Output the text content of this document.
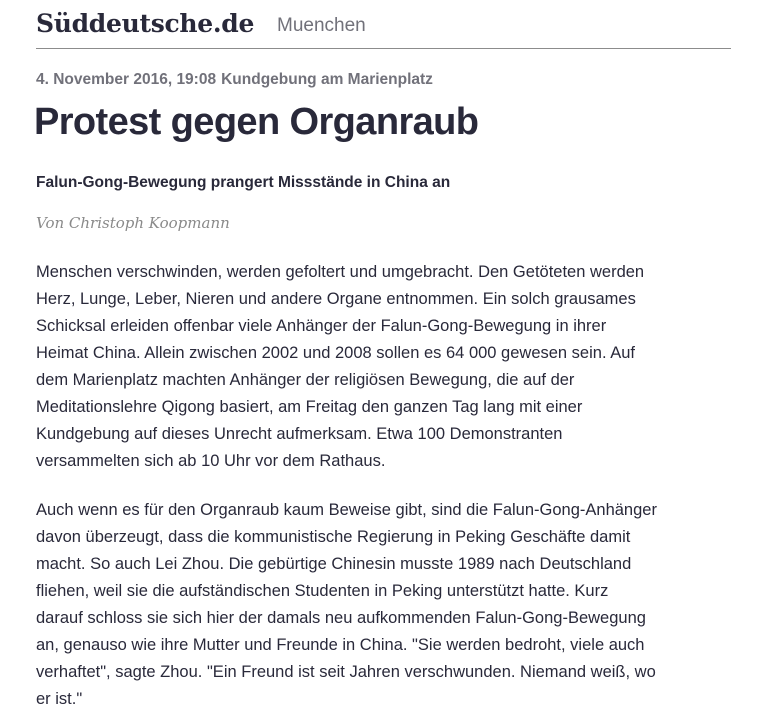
Süddeutsche.de Muenchen
4. November 2016, 19:08 Kundgebung am Marienplatz
Protest gegen Organraub

Falun-Gong-Bewegung prangert Missstände in China an

Von Christoph Koopmann

Menschen verschwinden, werden gefoltert und umgebracht. Den Getöteten werden
Herz, Lunge, Leber, Nieren und andere Organe entnommen. Ein solch grausames
Schicksal erleiden offenbar viele Anhänger der Falun-Gong-Bewegung in ihrer
Heimat China. Allein zwischen 2002 und 2008 sollen es 64 000 gewesen sein. Auf
dem Marienplatz machten Anhänger der religiösen Bewegung, die auf der
Meditationslehre Qigong basiert, am Freitag den ganzen Tag lang mit einer
Kundgebung auf dieses Unrecht aufmerksam. Etwa 100 Demonstranten
versammelten sich ab 10 Uhr vor dem Rathaus.

Auch wenn es für den Organraub kaum Beweise gibt, sind die Falun-Gong-Anhänger
davon überzeugt, dass die kommunistische Regierung in Peking Geschäfte damit
macht. So auch Lei Zhou. Die gebürtige Chinesin musste 1989 nach Deutschland
fliehen, weil sie die aufständischen Studenten in Peking unterstützt hatte. Kurz
darauf schloss sie sich hier der damals neu aufkommenden Falun-Gong-Bewegung
an, genauso wie ihre Mutter und Freunde in China. "Sie werden bedroht, viele auch
verhaftet", sagte Zhou. "Ein Freund ist seit Jahren verschwunden. Niemand weiß, wo
er ist."
